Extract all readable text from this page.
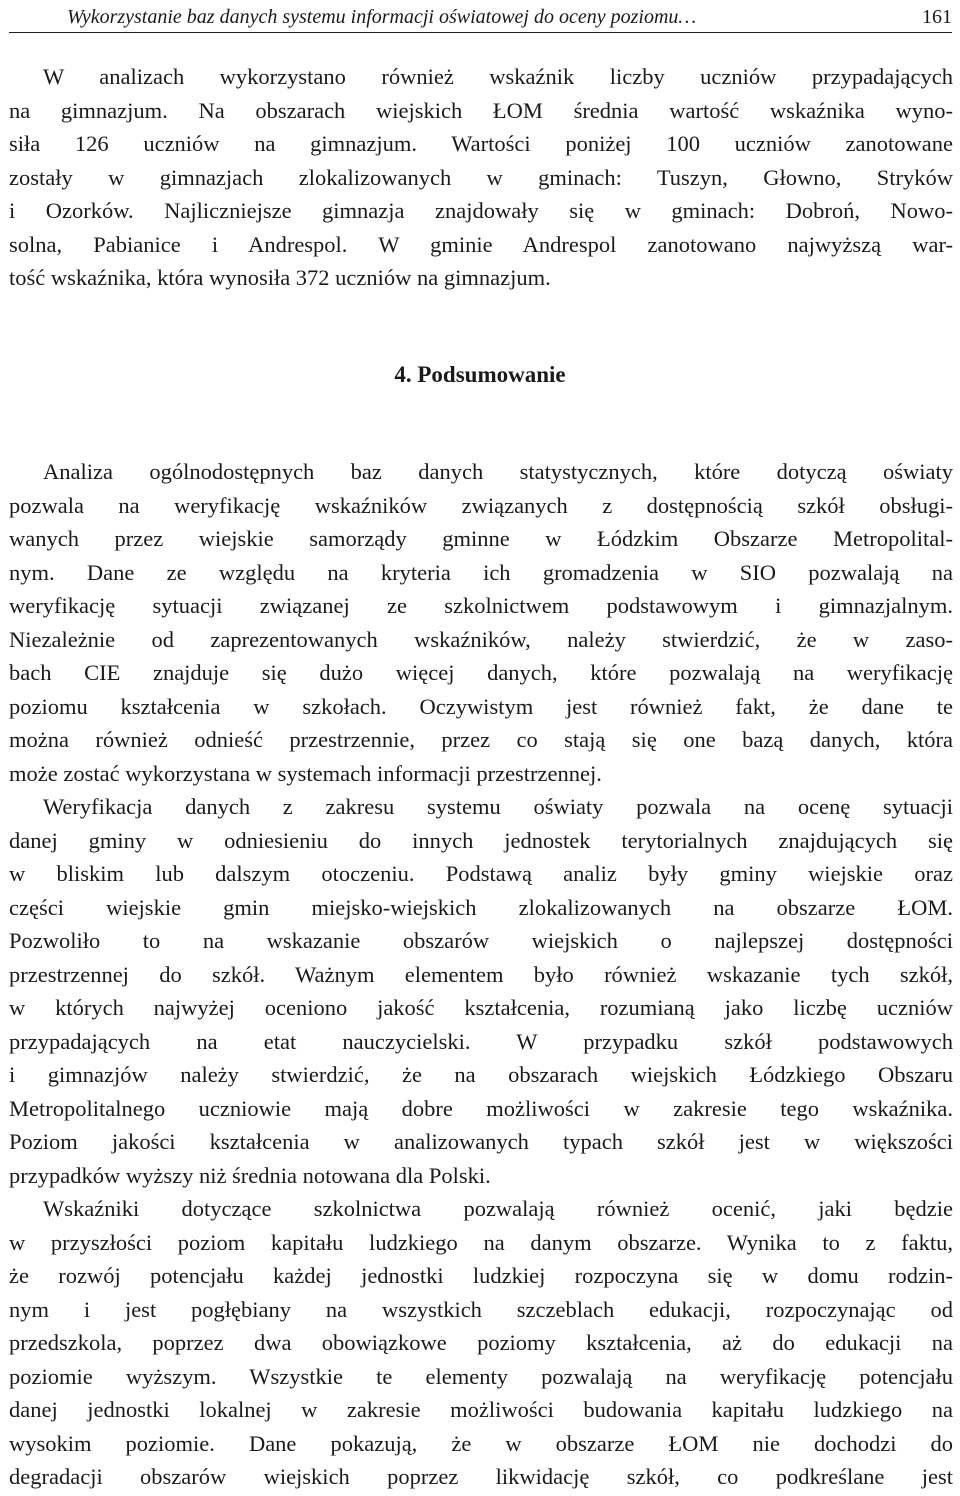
Wykorzystanie baz danych systemu informacji oświatowej do oceny poziomu…	161

W analizach wykorzystano również wskaźnik liczby uczniów przypadających
na gimnazjum. Na obszarach wiejskich ŁOM średnia wartość wskaźnika wyno-
siła 126 uczniów na gimnazjum. Wartości poniżej 100 uczniów zanotowane
zostały w gimnazjach zlokalizowanych w gminach: Tuszyn, Głowno, Stryków
i Ozorków. Najliczniejsze gimnazja znajdowały się w gminach: Dobroń, Nowo-
solna, Pabianice i Andrespol. W gminie Andrespol zanotowano najwyższą war-
tość wskaźnika, która wynosiła 372 uczniów na gimnazjum.

4. Podsumowanie

Analiza ogólnodostępnych baz danych statystycznych, które dotyczą oświaty
pozwala na weryfikację wskaźników związanych z dostępnością szkół obsługi-
wanych przez wiejskie samorządy gminne w Łódzkim Obszarze Metropolital-
nym. Dane ze względu na kryteria ich gromadzenia w SIO pozwalają na
weryfikację sytuacji związanej ze szkolnictwem podstawowym i gimnazjalnym.
Niezależnie od zaprezentowanych wskaźników, należy stwierdzić, że w zaso-
bach CIE znajduje się dużo więcej danych, które pozwalają na weryfikację
poziomu kształcenia w szkołach. Oczywistym jest również fakt, że dane te
można również odnieść przestrzennie, przez co stają się one bazą danych, która
może zostać wykorzystana w systemach informacji przestrzennej.

Weryfikacja danych z zakresu systemu oświaty pozwala na ocenę sytuacji
danej gminy w odniesieniu do innych jednostek terytorialnych znajdujących się
w bliskim lub dalszym otoczeniu. Podstawą analiz były gminy wiejskie oraz
części wiejskie gmin miejsko-wiejskich zlokalizowanych na obszarze ŁOM.
Pozwoliło to na wskazanie obszarów wiejskich o najlepszej dostępności
przestrzennej do szkół. Ważnym elementem było również wskazanie tych szkół,
w których najwyżej oceniono jakość kształcenia, rozumianą jako liczbę uczniów
przypadających na etat nauczycielski. W przypadku szkół podstawowych
i gimnazjów należy stwierdzić, że na obszarach wiejskich Łódzkiego Obszaru
Metropolitalnego uczniowie mają dobre możliwości w zakresie tego wskaźnika.
Poziom jakości kształcenia w analizowanych typach szkół jest w większości
przypadków wyższy niż średnia notowana dla Polski.

Wskaźniki dotyczące szkolnictwa pozwalają również ocenić, jaki będzie
w przyszłości poziom kapitału ludzkiego na danym obszarze. Wynika to z faktu,
że rozwój potencjału każdej jednostki ludzkiej rozpoczyna się w domu rodzin-
nym i jest pogłębiany na wszystkich szczeblach edukacji, rozpoczynając od
przedszkola, poprzez dwa obowiązkowe poziomy kształcenia, aż do edukacji na
poziomie wyższym. Wszystkie te elementy pozwalają na weryfikację potencjału
danej jednostki lokalnej w zakresie możliwości budowania kapitału ludzkiego na
wysokim poziomie. Dane pokazują, że w obszarze ŁOM nie dochodzi do
degradacji obszarów wiejskich poprzez likwidację szkół, co podkreślane jest
